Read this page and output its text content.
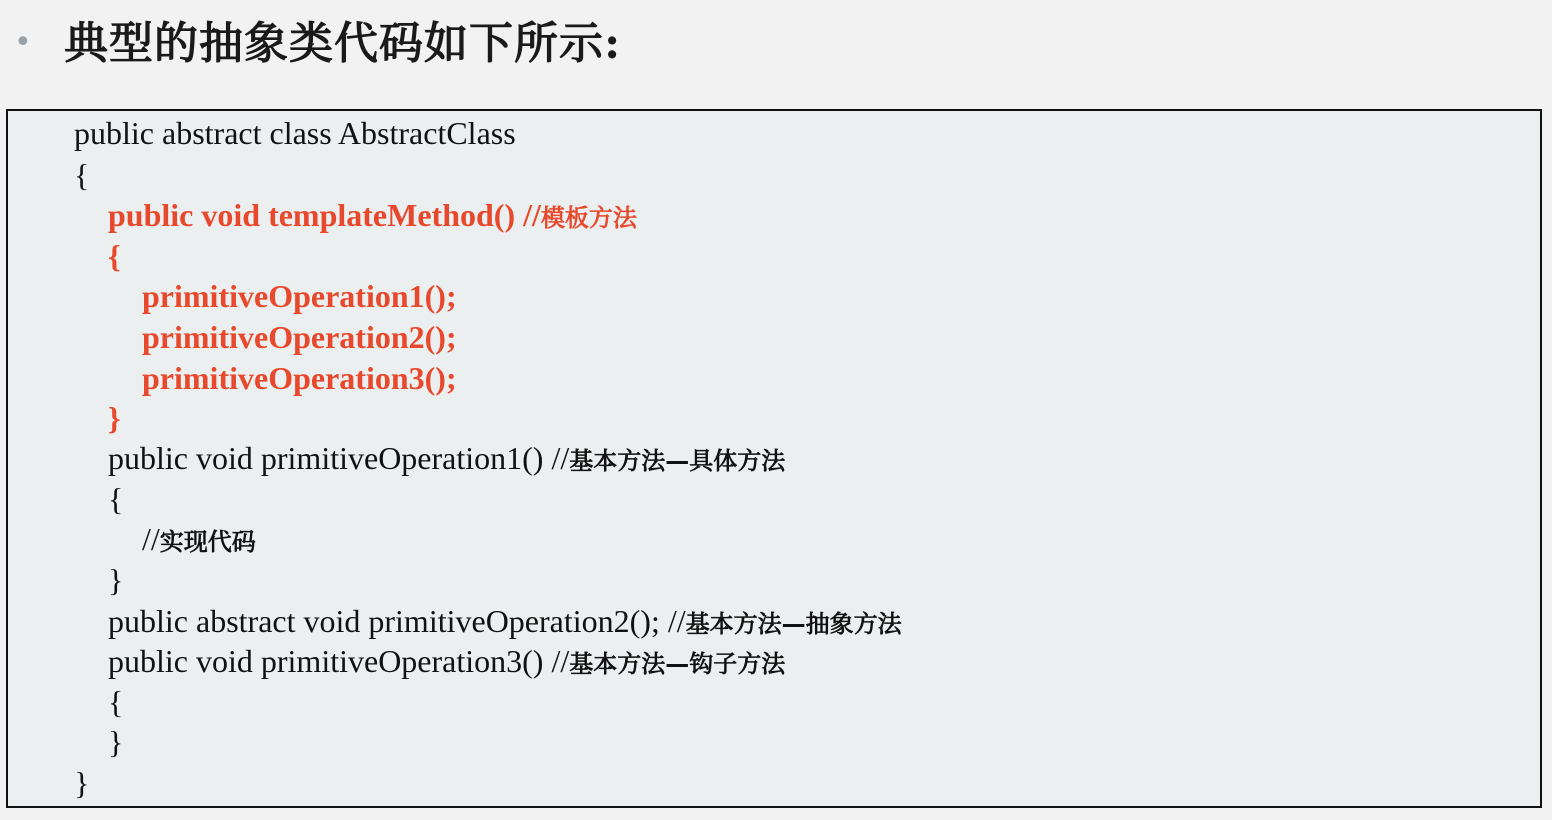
• 典型的抽象类代码如下所示:
public abstract class AbstractClass
{
public void templateMethod() //模板方法
{
primitiveOperation1();
primitiveOperation2();
primitiveOperation3();
}
public void primitiveOperation1() //基本方法—具体方法
{
//实现代码
}
public abstract void primitiveOperation2(); //基本方法—抽象方法
public void primitiveOperation3() //基本方法—钩子方法
{
}
}
